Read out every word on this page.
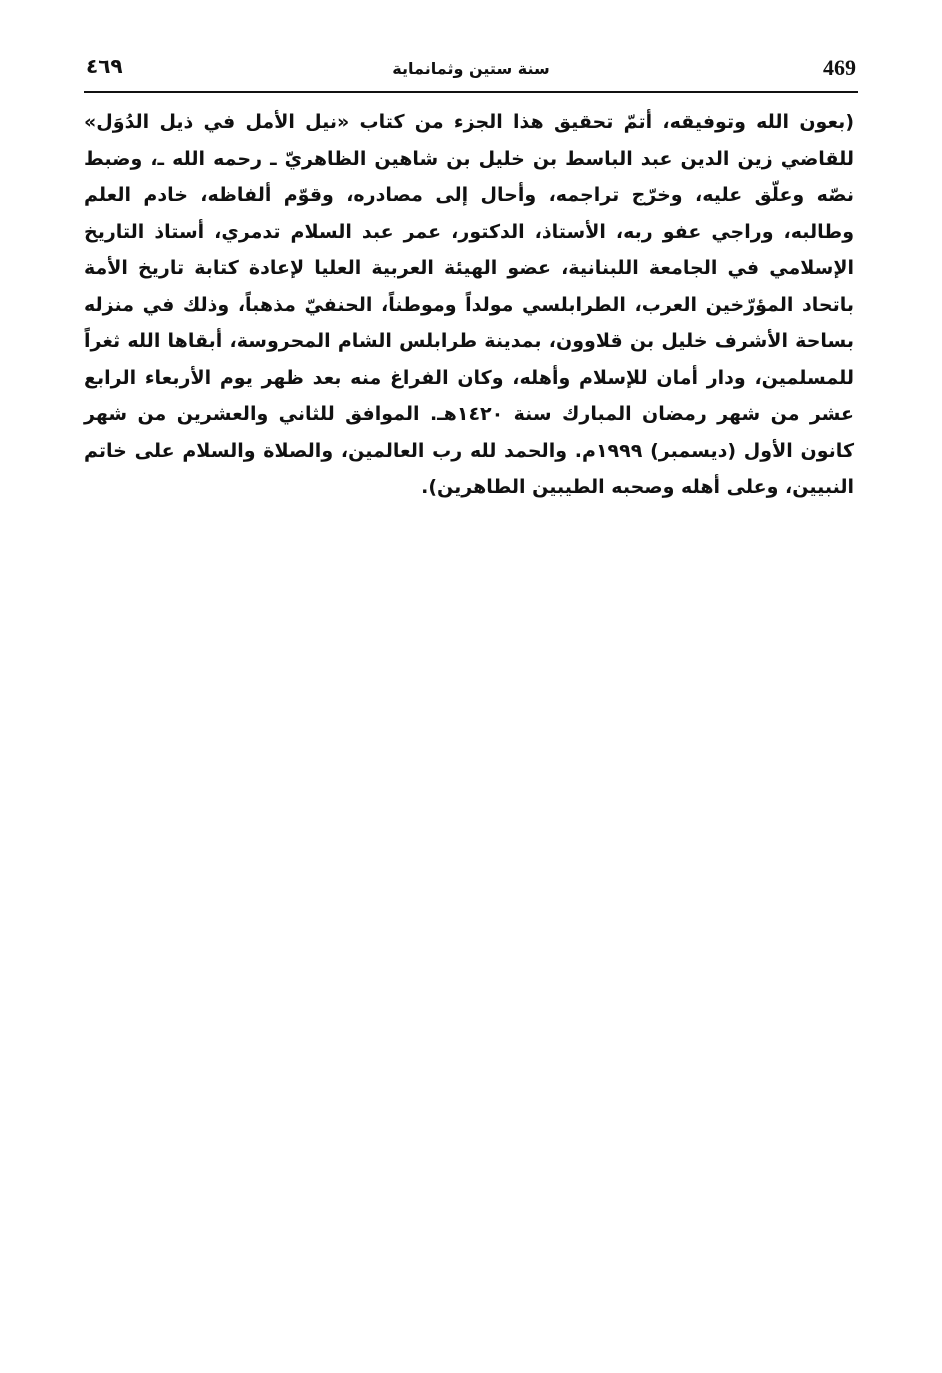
469
سنة ستين وثمانماية
٤٦٩

(بعون الله وتوفيقه، أتمّ تحقيق هذا الجزء من كتاب «نيل الأمل في ذيل الدُوَل» للقاضي زين الدين عبد الباسط بن خليل بن شاهين الظاهريّ ـ رحمه الله ـ، وضبط نصّه وعلّق عليه، وخرّج تراجمه، وأحال إلى مصادره، وقوّم ألفاظه، خادم العلم وطالبه، وراجي عفو ربه، الأستاذ، الدكتور، عمر عبد السلام تدمري، أستاذ التاريخ الإسلامي في الجامعة اللبنانية، عضو الهيئة العربية العليا لإعادة كتابة تاريخ الأمة باتحاد المؤرّخين العرب، الطرابلسي مولداً وموطناً، الحنفيّ مذهباً، وذلك في منزله بساحة الأشرف خليل بن قلاوون، بمدينة طرابلس الشام المحروسة، أبقاها الله ثغراً للمسلمين، ودار أمان للإسلام وأهله، وكان الفراغ منه بعد ظهر يوم الأربعاء الرابع عشر من شهر رمضان المبارك سنة ١٤٢٠هـ. الموافق للثاني والعشرين من شهر كانون الأول (ديسمبر) ١٩٩٩م. والحمد لله رب العالمين، والصلاة والسلام على خاتم النبيين، وعلى أهله وصحبه الطيبين الطاهرين).
